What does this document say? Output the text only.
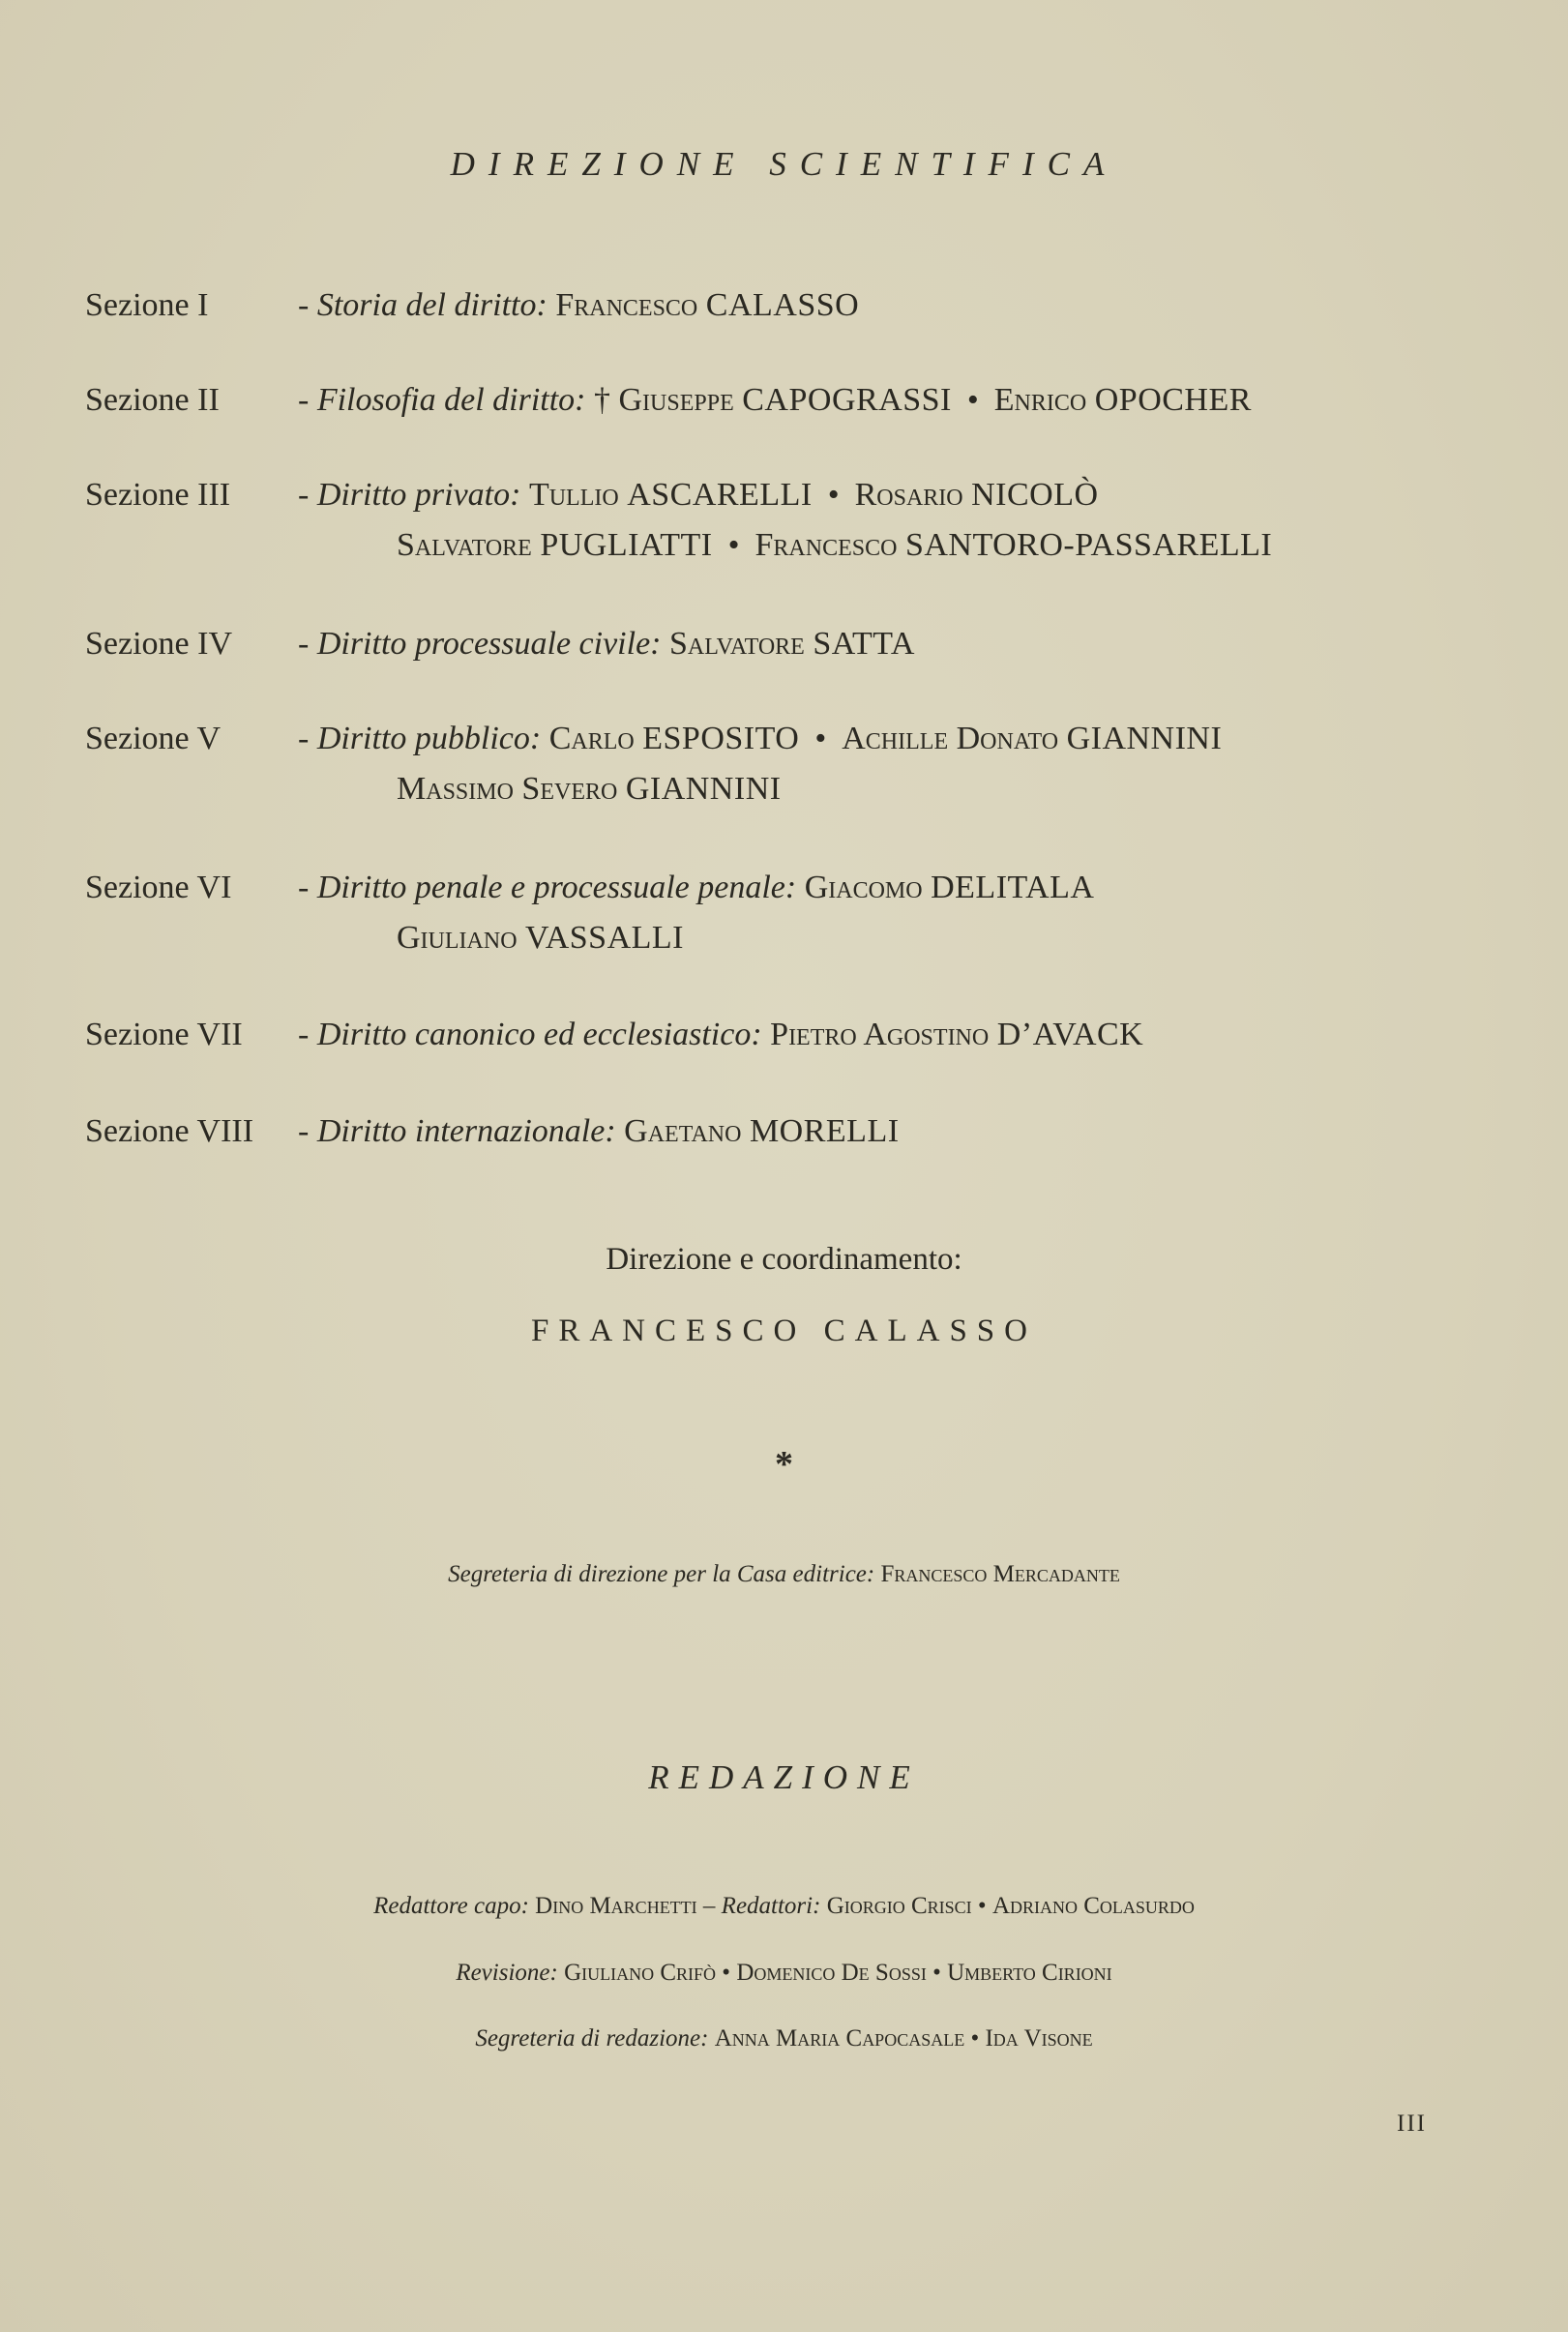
DIREZIONE SCIENTIFICA
Sezione I	- Storia del diritto: Francesco CALASSO
Sezione II - Filosofia del diritto: † Giuseppe CAPOGRASSI • Enrico OPOCHER
Sezione III - Diritto privato: Tullio ASCARELLI • Rosario NICOLÒ
Salvatore PUGLIATTI • Francesco SANTORO-PASSARELLI
Sezione IV - Diritto processuale civile: Salvatore SATTA
Sezione V - Diritto pubblico: Carlo ESPOSITO • Achille Donato GIANNINI
Massimo Severo GIANNINI
Sezione VI - Diritto penale e processuale penale: Giacomo DELITALA
Giuliano VASSALLI
Sezione VII - Diritto canonico ed ecclesiastico: Pietro Agostino D’AVACK
Sezione VIII - Diritto internazionale: Gaetano MORELLI
Direzione e coordinamento:
FRANCESCO CALASSO
*
Segreteria di direzione per la Casa editrice: Francesco Mercadante
REDAZIONE
Redattore capo: Dino Marchetti – Redattori: Giorgio Crisci • Adriano Colasurdo
Revisione: Giuliano Crifò • Domenico De Sossi • Umberto Cirioni
Segreteria di redazione: Anna Maria Capocasale • Ida Visone
III
